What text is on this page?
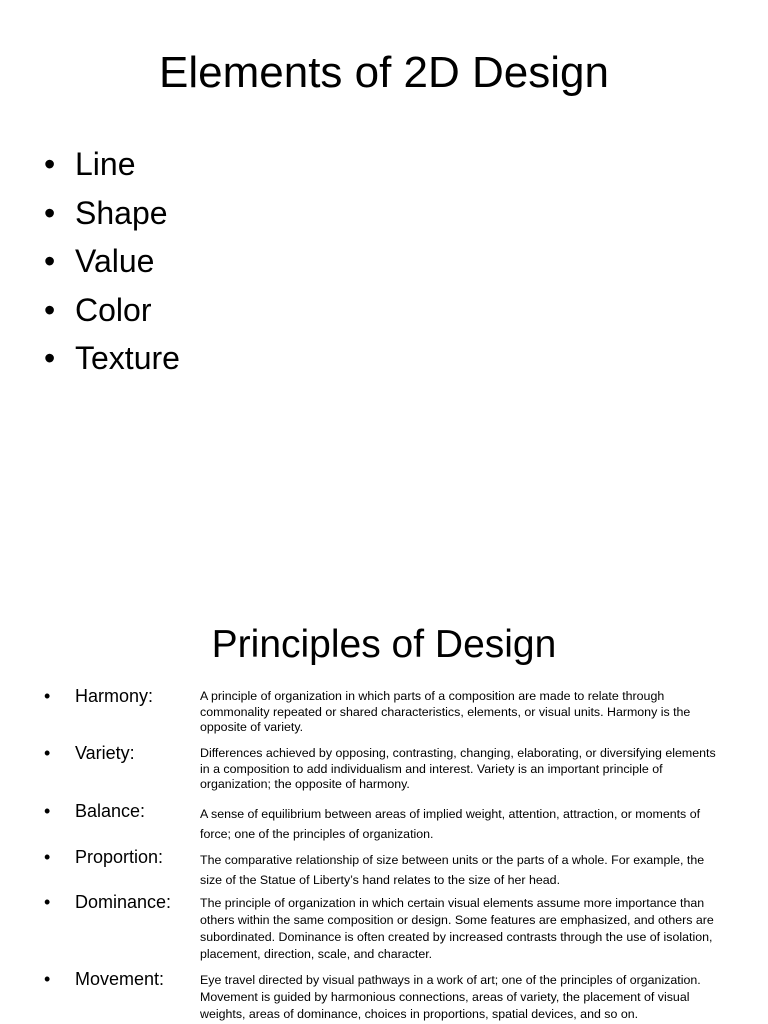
Elements of 2D Design
• Line
• Shape
• Value
• Color
• Texture
Principles of Design
• Harmony:	A principle of organization in which parts of a composition are made to relate through commonality repeated or shared characteristics, elements, or visual units. Harmony is the opposite of variety.
• Variety:	Differences achieved by opposing, contrasting, changing, elaborating, or diversifying elements in a composition to add individualism and interest. Variety is an important principle of organization; the opposite of harmony.
• Balance:	A sense of equilibrium between areas of implied weight, attention, attraction, or moments of force; one of the principles of organization.
• Proportion:	The comparative relationship of size between units or the parts of a whole. For example, the size of the Statue of Liberty’s hand relates to the size of her head.
• Dominance: The principle of organization in which certain visual elements assume more importance than others within the same composition or design. Some features are emphasized, and others are subordinated. Dominance is often created by increased contrasts through the use of isolation, placement, direction, scale, and character.
• Movement:	Eye travel directed by visual pathways in a work of art; one of the principles of organization. Movement is guided by harmonious connections, areas of variety, the placement of visual weights, areas of dominance, choices in proportions, spatial devices, and so on.
